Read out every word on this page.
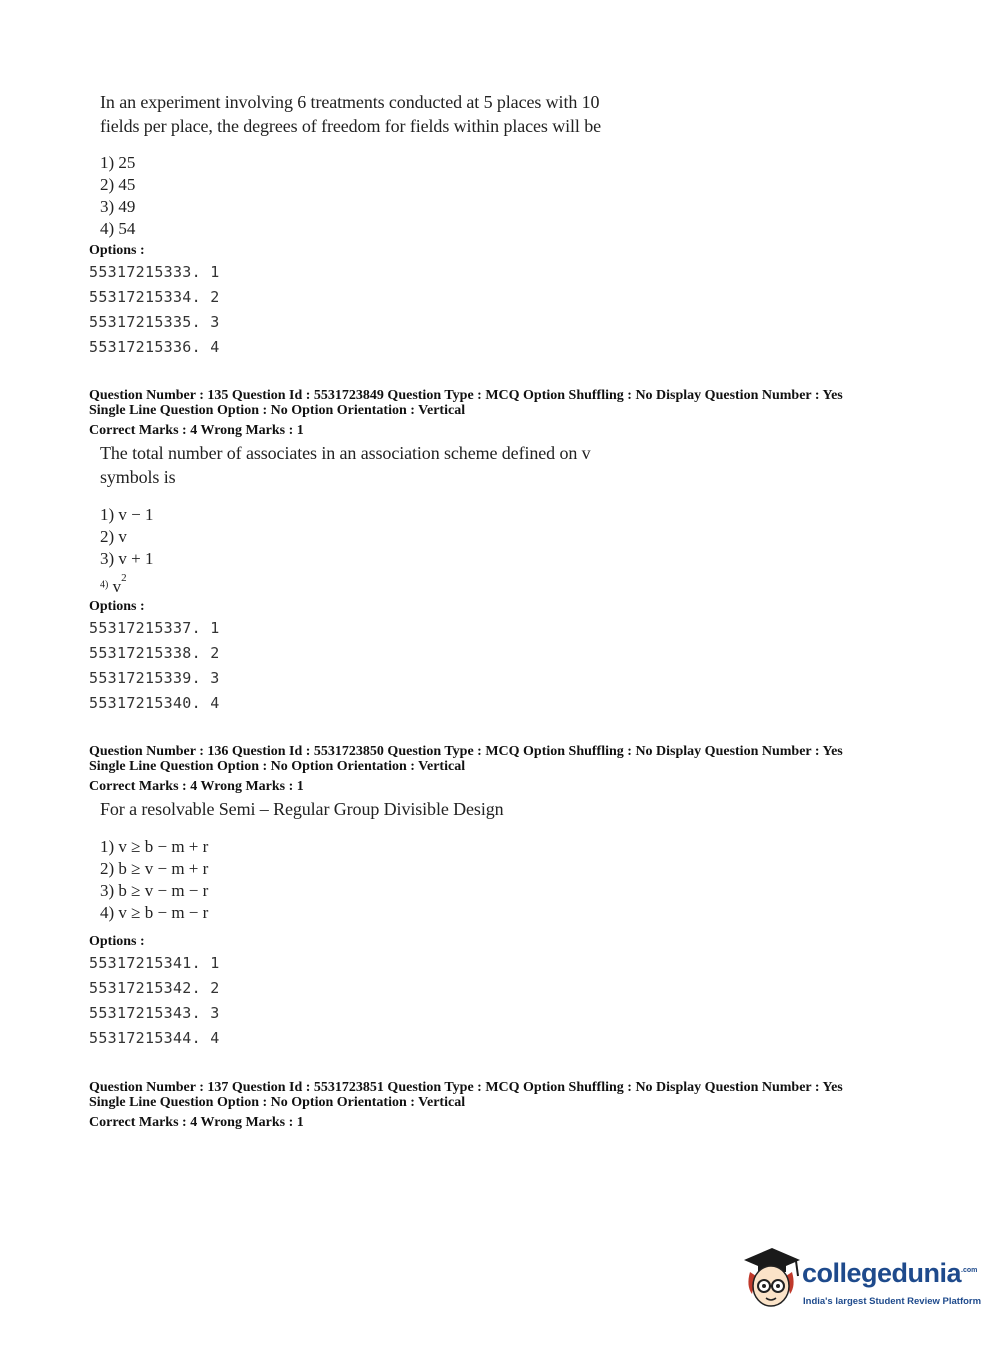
In an experiment involving 6 treatments conducted at 5 places with 10
fields per place, the degrees of freedom for fields within places will be
1) 25
2) 45
3) 49
4) 54
Options :
55317215333. 1
55317215334. 2
55317215335. 3
55317215336. 4
Question Number : 135 Question Id : 5531723849 Question Type : MCQ Option Shuffling : No Display Question Number : Yes
Single Line Question Option : No Option Orientation : Vertical
Correct Marks : 4 Wrong Marks : 1
The total number of associates in an association scheme defined on v
symbols is
1) v − 1
2) v
3) v + 1
4) $v^2$
Options :
55317215337. 1
55317215338. 2
55317215339. 3
55317215340. 4
Question Number : 136 Question Id : 5531723850 Question Type : MCQ Option Shuffling : No Display Question Number : Yes
Single Line Question Option : No Option Orientation : Vertical
Correct Marks : 4 Wrong Marks : 1
For a resolvable Semi – Regular Group Divisible Design
1) v ≥ b − m + r
2) b ≥ v − m + r
3) b ≥ v − m − r
4) v ≥ b − m − r
Options :
55317215341. 1
55317215342. 2
55317215343. 3
55317215344. 4
Question Number : 137 Question Id : 5531723851 Question Type : MCQ Option Shuffling : No Display Question Number : Yes
Single Line Question Option : No Option Orientation : Vertical
Correct Marks : 4 Wrong Marks : 1
collegedunia$^{.com}$
India's largest Student Review Platform
